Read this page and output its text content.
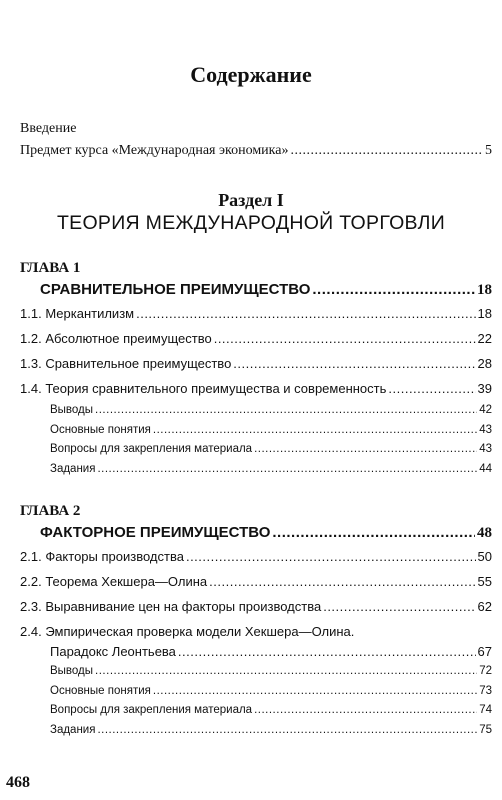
Содержание
Введение
Предмет курса «Международная экономика» .....	5
Раздел I
ТЕОРИЯ МЕЖДУНАРОДНОЙ ТОРГОВЛИ
ГЛАВА 1
СРАВНИТЕЛЬНОЕ ПРЕИМУЩЕСТВО .....	18
1.1. Меркантилизм .....	18
1.2. Абсолютное преимущество .....	22
1.3. Сравнительное преимущество .....	28
1.4. Теория сравнительного преимущества и современность .....	39
Выводы .....	42
Основные понятия .....	43
Вопросы для закрепления материала .....	43
Задания .....	44
ГЛАВА 2
ФАКТОРНОЕ ПРЕИМУЩЕСТВО .....	48
2.1. Факторы производства .....	50
2.2. Теорема Хекшера—Олина .....	55
2.3. Выравнивание цен на факторы производства .....	62
2.4. Эмпирическая проверка модели Хекшера—Олина.
Парадокс Леонтьева .....	67
Выводы .....	72
Основные понятия .....	73
Вопросы для закрепления материала .....	74
Задания .....	75
468
